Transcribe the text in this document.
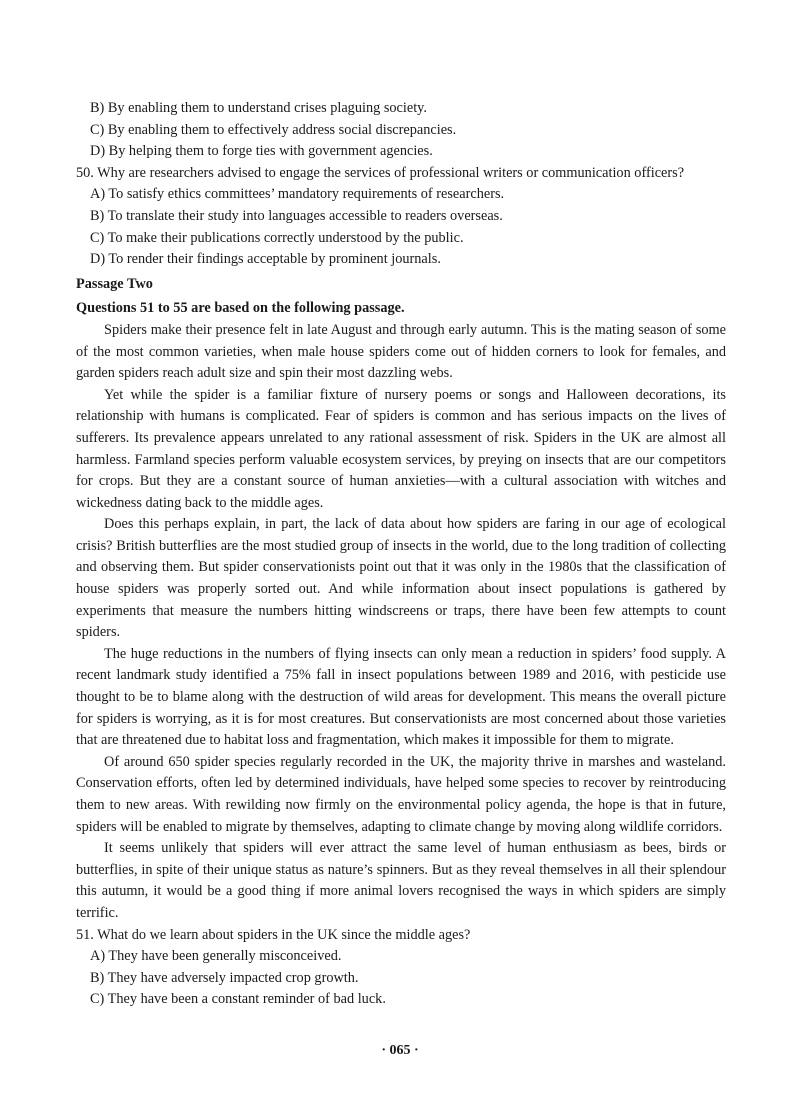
B) By enabling them to understand crises plaguing society.
C) By enabling them to effectively address social discrepancies.
D) By helping them to forge ties with government agencies.
50. Why are researchers advised to engage the services of professional writers or communication officers?
A) To satisfy ethics committees’ mandatory requirements of researchers.
B) To translate their study into languages accessible to readers overseas.
C) To make their publications correctly understood by the public.
D) To render their findings acceptable by prominent journals.
Passage Two
Questions 51 to 55 are based on the following passage.
Spiders make their presence felt in late August and through early autumn. This is the mating season of some of the most common varieties, when male house spiders come out of hidden corners to look for females, and garden spiders reach adult size and spin their most dazzling webs.
Yet while the spider is a familiar fixture of nursery poems or songs and Halloween decorations, its relationship with humans is complicated. Fear of spiders is common and has serious impacts on the lives of sufferers. Its prevalence appears unrelated to any rational assessment of risk. Spiders in the UK are almost all harmless. Farmland species perform valuable ecosystem services, by preying on insects that are our competitors for crops. But they are a constant source of human anxieties—with a cultural association with witches and wickedness dating back to the middle ages.
Does this perhaps explain, in part, the lack of data about how spiders are faring in our age of ecological crisis? British butterflies are the most studied group of insects in the world, due to the long tradition of collecting and observing them. But spider conservationists point out that it was only in the 1980s that the classification of house spiders was properly sorted out. And while information about insect populations is gathered by experiments that measure the numbers hitting windscreens or traps, there have been few attempts to count spiders.
The huge reductions in the numbers of flying insects can only mean a reduction in spiders’ food supply. A recent landmark study identified a 75% fall in insect populations between 1989 and 2016, with pesticide use thought to be to blame along with the destruction of wild areas for development. This means the overall picture for spiders is worrying, as it is for most creatures. But conservationists are most concerned about those varieties that are threatened due to habitat loss and fragmentation, which makes it impossible for them to migrate.
Of around 650 spider species regularly recorded in the UK, the majority thrive in marshes and wasteland. Conservation efforts, often led by determined individuals, have helped some species to recover by reintroducing them to new areas. With rewilding now firmly on the environmental policy agenda, the hope is that in future, spiders will be enabled to migrate by themselves, adapting to climate change by moving along wildlife corridors.
It seems unlikely that spiders will ever attract the same level of human enthusiasm as bees, birds or butterflies, in spite of their unique status as nature’s spinners. But as they reveal themselves in all their splendour this autumn, it would be a good thing if more animal lovers recognised the ways in which spiders are simply terrific.
51. What do we learn about spiders in the UK since the middle ages?
A) They have been generally misconceived.
B) They have adversely impacted crop growth.
C) They have been a constant reminder of bad luck.
· 065 ·
